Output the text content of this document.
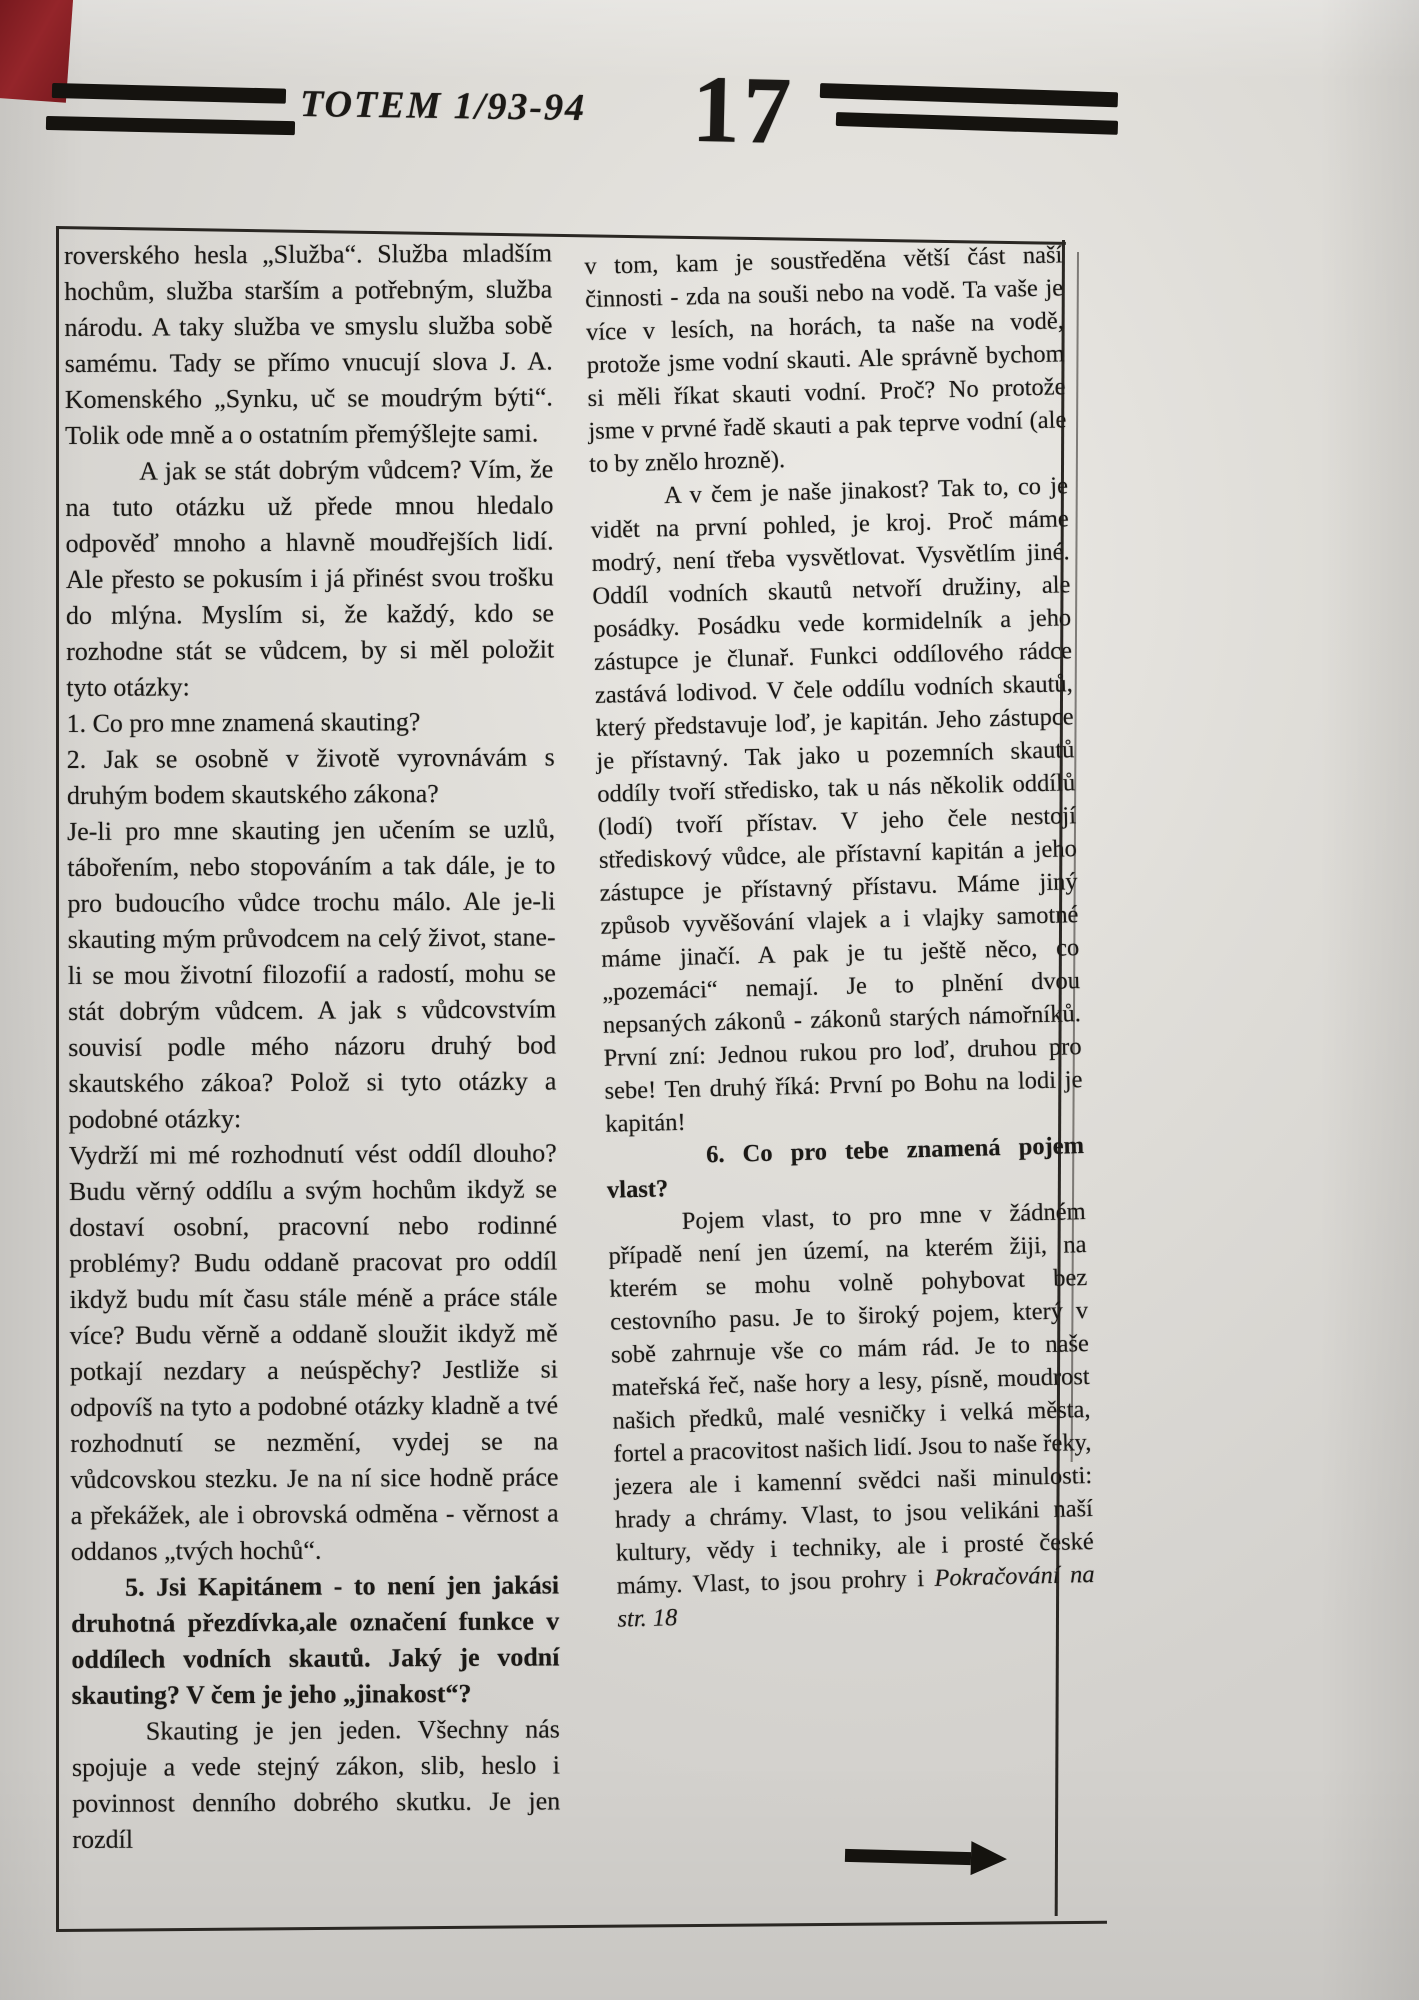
TOTEM 1/93-94 17

roverského hesla „Služba“. Služba mladším hochům, služba starším a potřebným, služba národu. A taky služba ve smyslu služba sobě samému. Tady se přímo vnucují slova J. A. Komenského „Synku, uč se moudrým býti“. Tolik ode mně a o ostatním přemýšlejte sami.

A jak se stát dobrým vůdcem? Vím, že na tuto otázku už přede mnou hledalo odpověď mnoho a hlavně moudřejších lidí. Ale přesto se pokusím i já přinést svou trošku do mlýna. Myslím si, že každý, kdo se rozhodne stát se vůdcem, by si měl položit tyto otázky:

1. Co pro mne znamená skauting?

2. Jak se osobně v životě vyrovnávám s druhým bodem skautského zákona?

Je-li pro mne skauting jen učením se uzlů, tábořením, nebo stopováním a tak dále, je to pro budoucího vůdce trochu málo. Ale je-li skauting mým průvodcem na celý život, stane-li se mou životní filozofií a radostí, mohu se stát dobrým vůdcem. A jak s vůdcovstvím souvisí podle mého názoru druhý bod skautského zákoa? Polož si tyto otázky a podobné otázky:

Vydrží mi mé rozhodnutí vést oddíl dlouho? Budu věrný oddílu a svým hochům ikdyž se dostaví osobní, pracovní nebo rodinné problémy? Budu oddaně pracovat pro oddíl ikdyž budu mít času stále méně a práce stále více? Budu věrně a oddaně sloužit ikdyž mě potkají nezdary a neúspěchy? Jestliže si odpovíš na tyto a podobné otázky kladně a tvé rozhodnutí se nezmění, vydej se na vůdcovskou stezku. Je na ní sice hodně práce a překážek, ale i obrovská odměna - věrnost a oddanos „tvých hochů“.

5. Jsi Kapitánem - to není jen jakási druhotná přezdívka,ale označení funkce v oddílech vodních skautů. Jaký je vodní skauting? V čem je jeho „jinakost“?

Skauting je jen jeden. Všechny nás spojuje a vede stejný zákon, slib, heslo i povinnost denního dobrého skutku. Je jen rozdíl

v tom, kam je soustředěna větší část naší činnosti - zda na souši nebo na vodě. Ta vaše je více v lesích, na horách, ta naše na vodě, protože jsme vodní skauti. Ale správně bychom si měli říkat skauti vodní. Proč? No protože jsme v prvné řadě skauti a pak teprve vodní (ale to by znělo hrozně).

A v čem je naše jinakost? Tak to, co je vidět na první pohled, je kroj. Proč máme modrý, není třeba vysvětlovat. Vysvětlím jiné. Oddíl vodních skautů netvoří družiny, ale posádky. Posádku vede kormidelník a jeho zástupce je člunař. Funkci oddílového rádce zastává lodivod. V čele oddílu vodních skautů, který představuje loď, je kapitán. Jeho zástupce je přístavný. Tak jako u pozemních skautů oddíly tvoří středisko, tak u nás několik oddílů (lodí) tvoří přístav. V jeho čele nestojí střediskový vůdce, ale přístavní kapitán a jeho zástupce je přístavný přístavu. Máme jiný způsob vyvěšování vlajek a i vlajky samotné máme jinačí. A pak je tu ještě něco, co „pozemáci“ nemají. Je to plnění dvou nepsaných zákonů - zákonů starých námořníků. První zní: Jednou rukou pro loď, druhou pro sebe! Ten druhý říká: První po Bohu na lodi je kapitán!

6. Co pro tebe znamená pojem vlast?

Pojem vlast, to pro mne v žádném případě není jen území, na kterém žiji, na kterém se mohu volně pohybovat bez cestovního pasu. Je to široký pojem, který v sobě zahrnuje vše co mám rád. Je to naše mateřská řeč, naše hory a lesy, písně, moudrost našich předků, malé vesničky i velká města, fortel a pracovitost našich lidí. Jsou to naše řeky, jezera ale i kamenní svědci naši minulosti: hrady a chrámy. Vlast, to jsou velikáni naší kultury, vědy i techniky, ale i prosté české mámy. Vlast, to jsou prohry i Pokračování na str. 18
